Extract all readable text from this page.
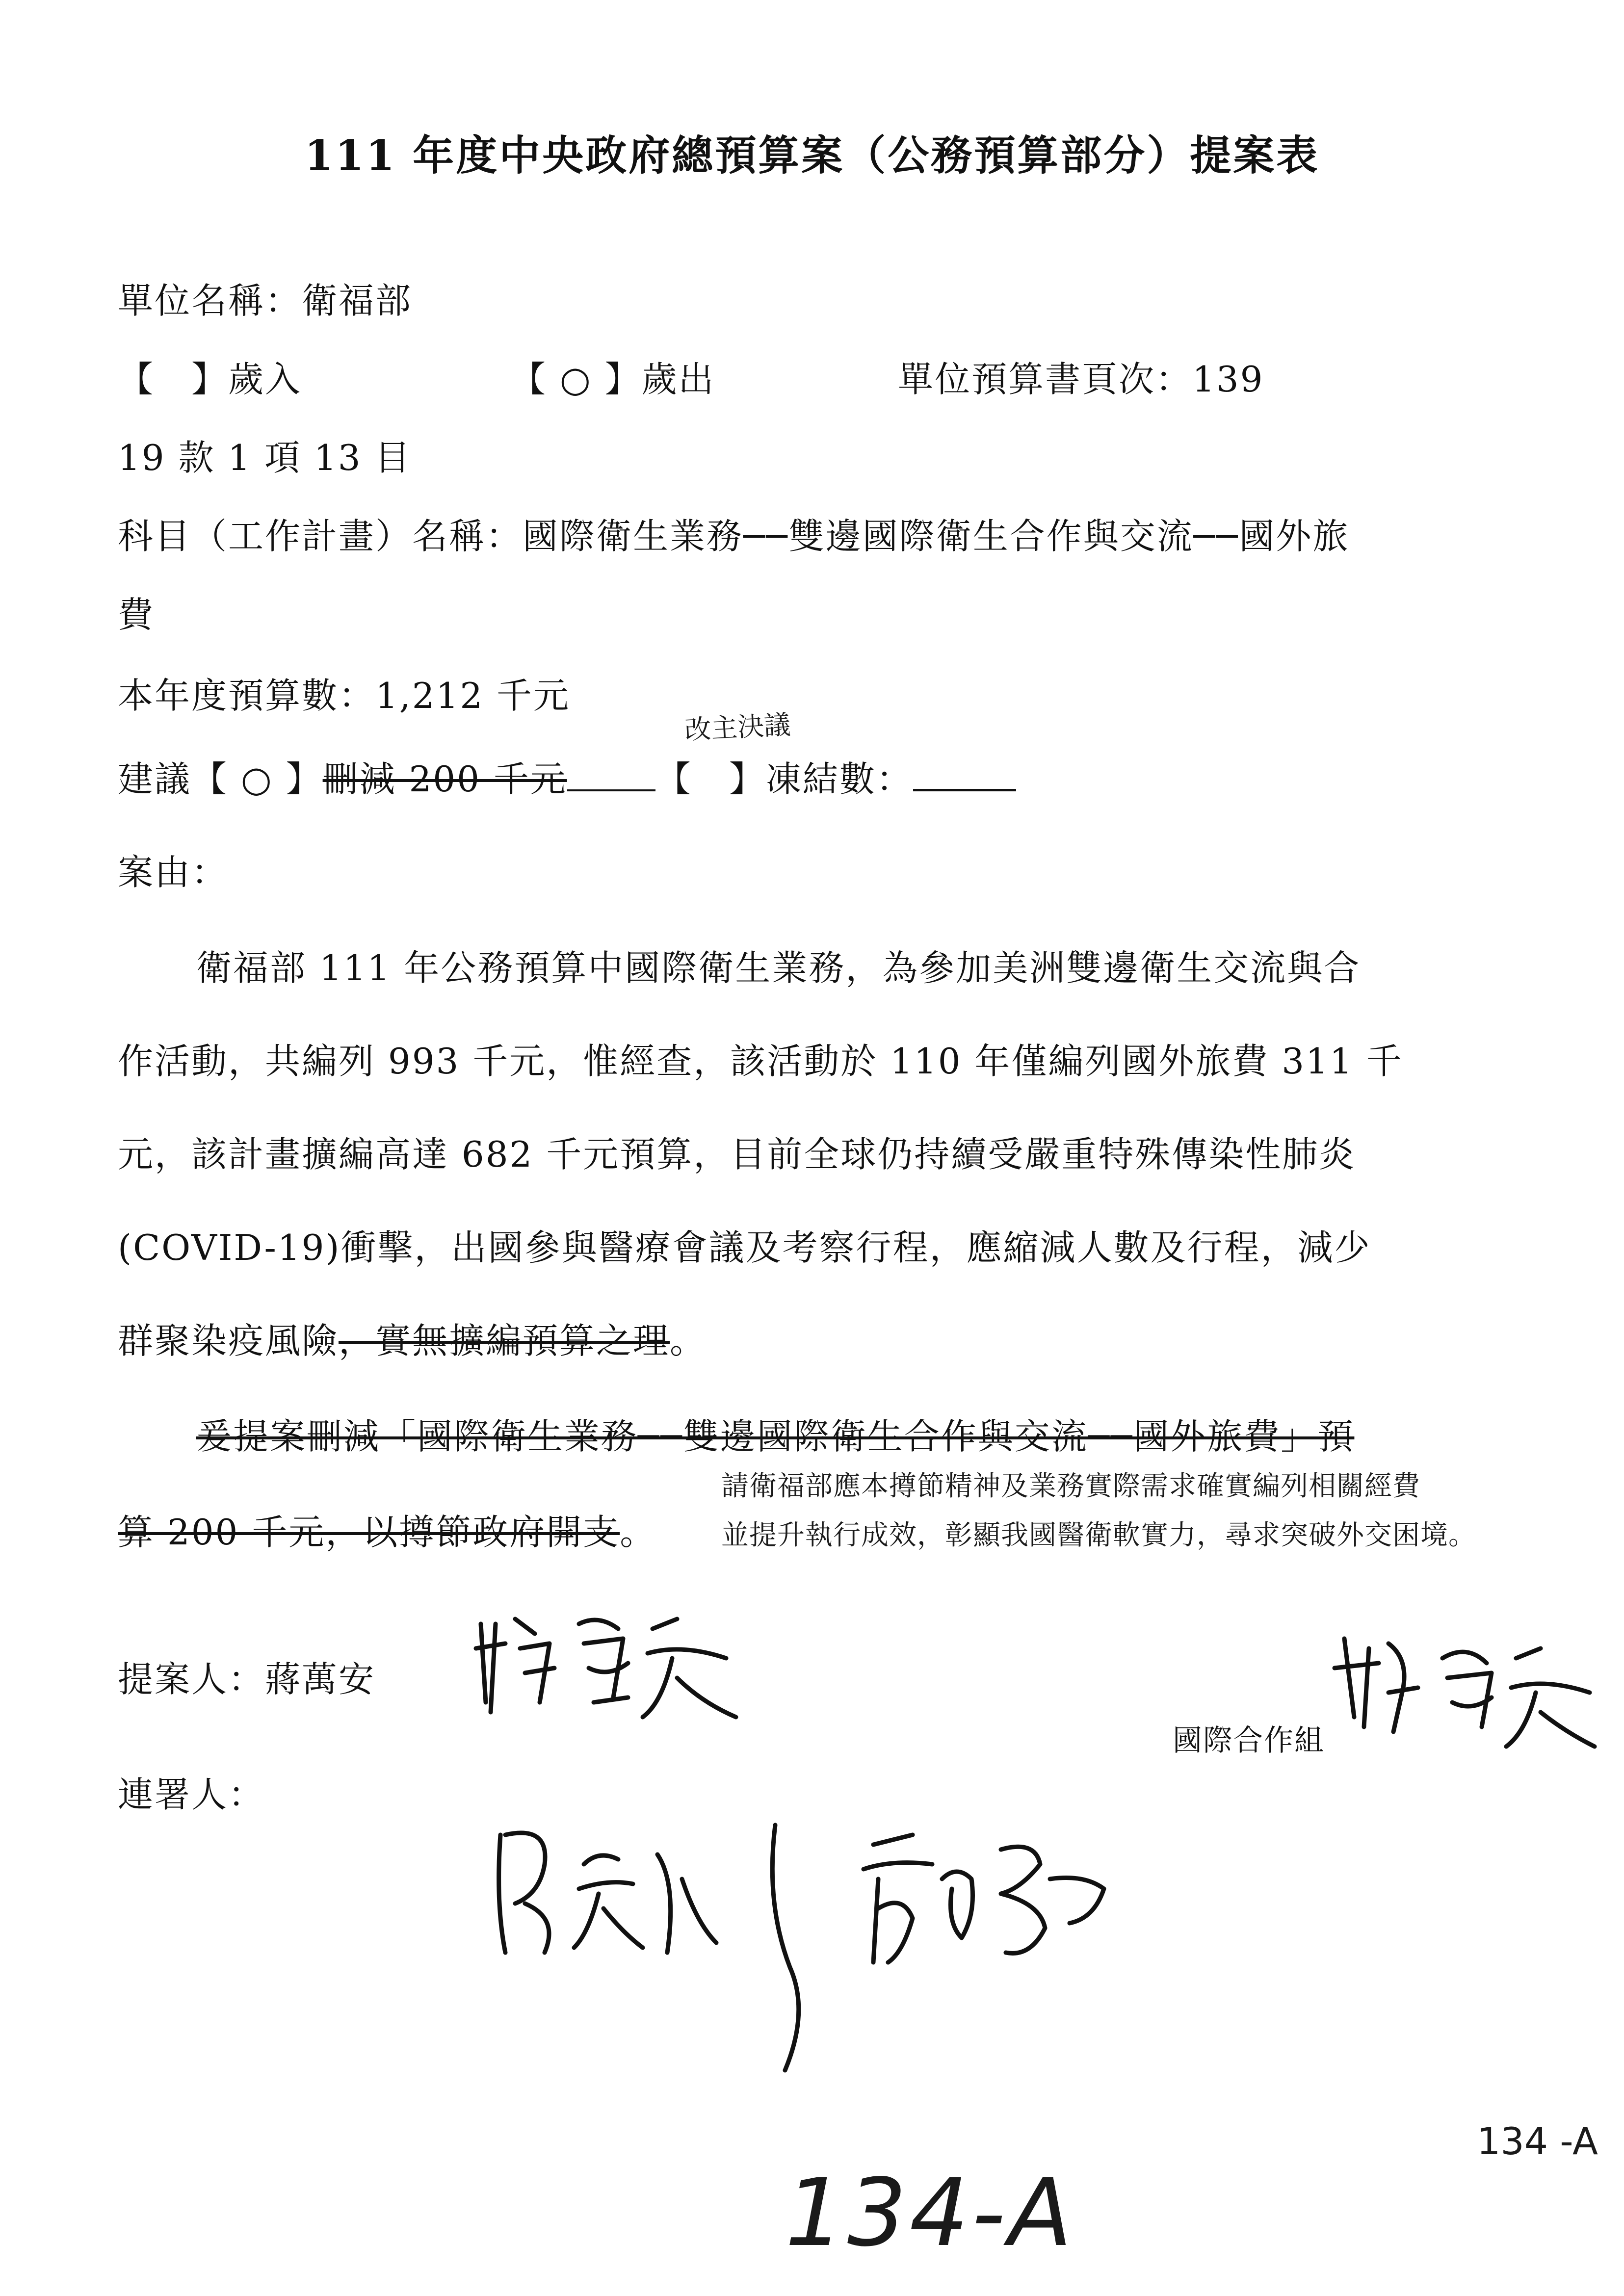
111 年度中央政府總預算案（公務預算部分）提案表
單位名稱：衛福部
【　】歲入	【 ○ 】歲出	單位預算書頁次：139
19 款 1 項 13 目
科目（工作計畫）名稱：國際衛生業務──雙邊國際衛生合作與交流──國外旅
費
本年度預算數：1,212 千元
建議【 ○ 】刪減 200 千元	【　】凍結數：
改主決議
案由：
衛福部 111 年公務預算中國際衛生業務，為參加美洲雙邊衛生交流與合
作活動，共編列 993 千元，惟經查，該活動於 110 年僅編列國外旅費 311 千
元，該計畫擴編高達 682 千元預算，目前全球仍持續受嚴重特殊傳染性肺炎
(COVID-19)衝擊，出國參與醫療會議及考察行程，應縮減人數及行程，減少
群聚染疫風險，實無擴編預算之理。
爰提案刪減「國際衛生業務──雙邊國際衛生合作與交流──國外旅費」預
算 200 千元，以撙節政府開支。
請衛福部應本撙節精神及業務實際需求確實編列相關經費
並提升執行成效，彰顯我國醫衛軟實力，尋求突破外交困境。
提案人：蔣萬安
國際合作組
連署人：
134-A
134 -A
